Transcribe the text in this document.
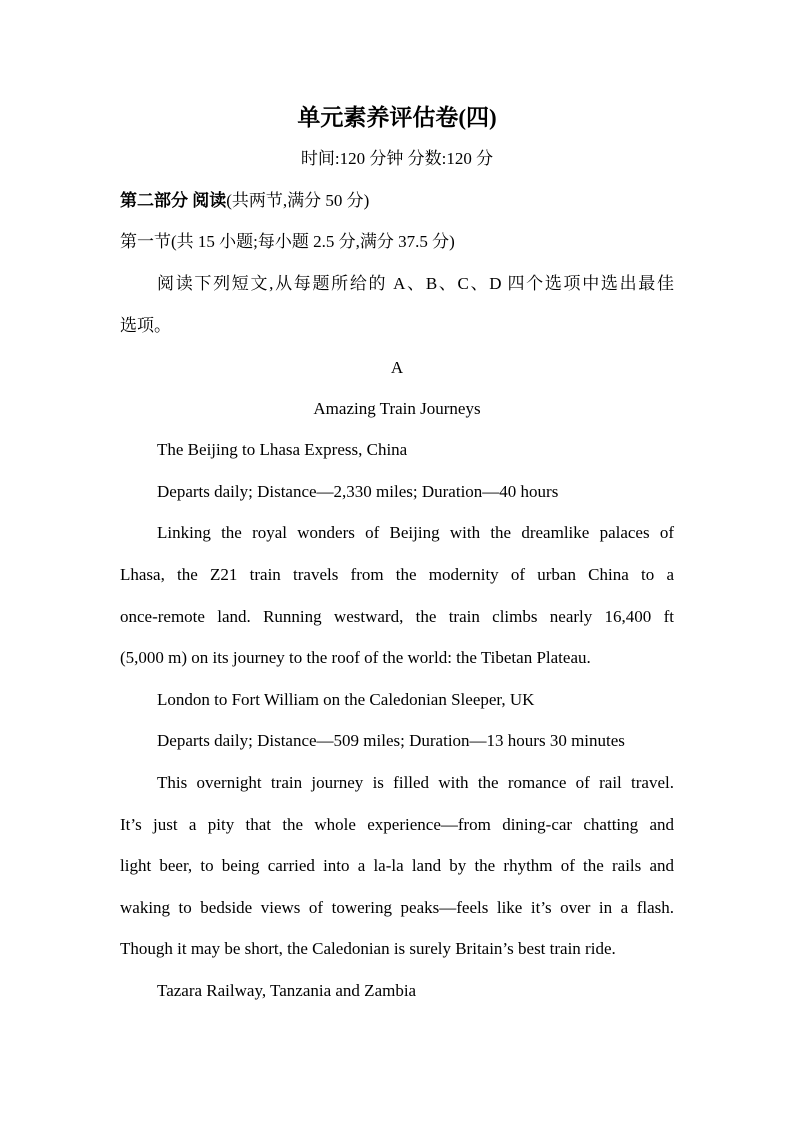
单元素养评估卷(四)
时间:120 分钟 分数:120 分
第二部分 阅读(共两节,满分 50 分)
第一节(共 15 小题;每小题 2.5 分,满分 37.5 分)
阅读下列短文,从每题所给的 A、B、C、D 四个选项中选出最佳
选项。
A
Amazing Train Journeys
The Beijing to Lhasa Express, China
Departs daily; Distance—2,330 miles; Duration—40 hours
Linking the royal wonders of Beijing with the dreamlike palaces of
Lhasa, the Z21 train travels from the modernity of urban China to a
once-remote land. Running westward, the train climbs nearly 16,400 ft
(5,000 m) on its journey to the roof of the world: the Tibetan Plateau.
London to Fort William on the Caledonian Sleeper, UK
Departs daily; Distance—509 miles; Duration—13 hours 30 minutes
This overnight train journey is filled with the romance of rail travel.
It’s just a pity that the whole experience—from dining-car chatting and
light beer, to being carried into a la-la land by the rhythm of the rails and
waking to bedside views of towering peaks—feels like it’s over in a flash.
Though it may be short, the Caledonian is surely Britain’s best train ride.
Tazara Railway, Tanzania and Zambia
